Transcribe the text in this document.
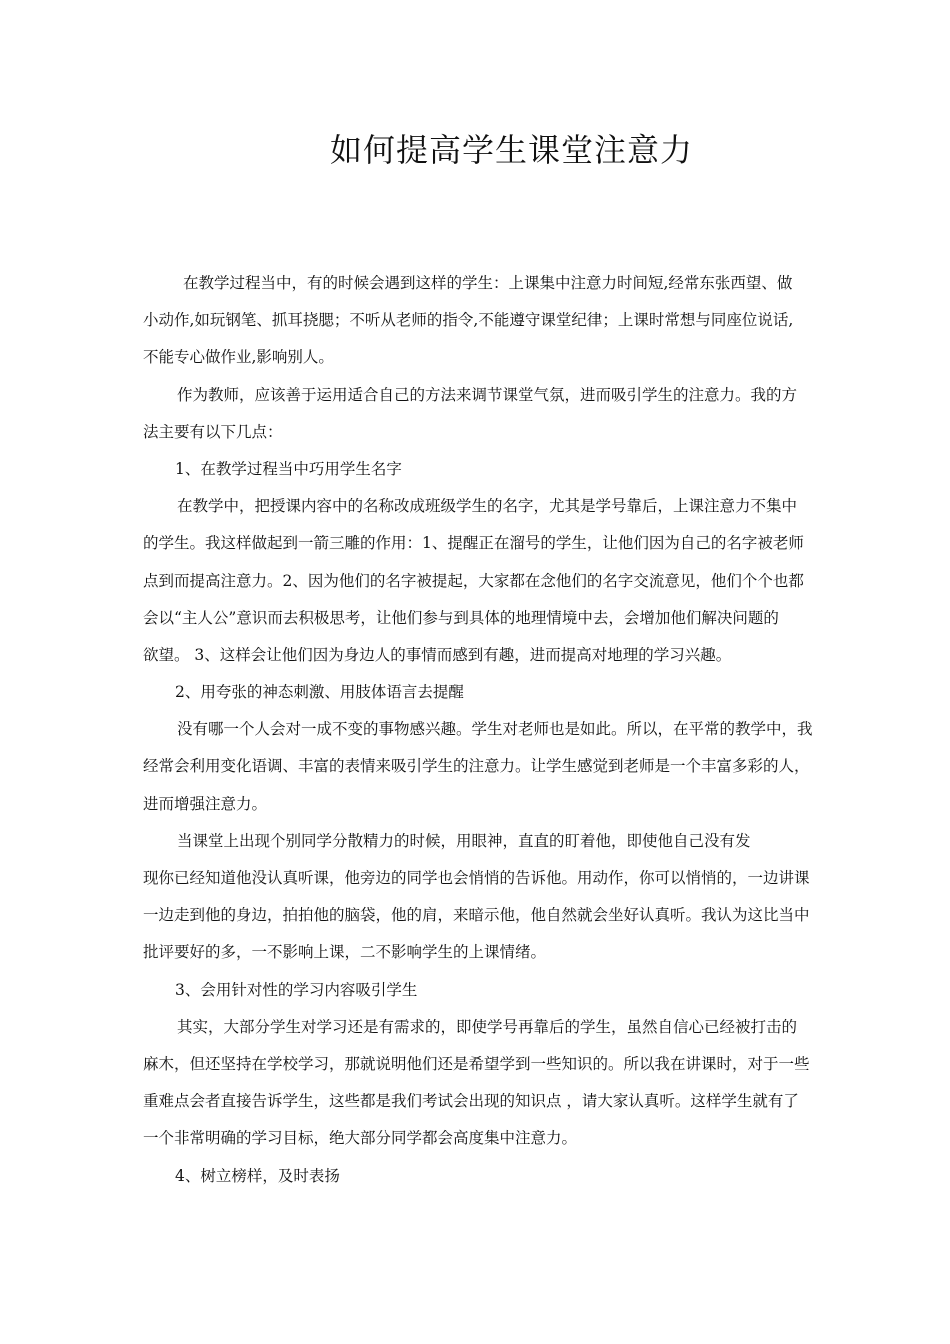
如何提高学生课堂注意力
在教学过程当中，有的时候会遇到这样的学生：上课集中注意力时间短,经常东张西望、做
小动作,如玩钢笔、抓耳挠腮；不听从老师的指令,不能遵守课堂纪律；上课时常想与同座位说话,
不能专心做作业,影响别人。
作为教师，应该善于运用适合自己的方法来调节课堂气氛，进而吸引学生的注意力。我的方
法主要有以下几点：
1、在教学过程当中巧用学生名字
在教学中，把授课内容中的名称改成班级学生的名字，尤其是学号靠后，上课注意力不集中
的学生。我这样做起到一箭三雕的作用：1、提醒正在溜号的学生，让他们因为自己的名字被老师
点到而提高注意力。2、因为他们的名字被提起，大家都在念他们的名字交流意见，他们个个也都
会以“主人公”意识而去积极思考，让他们参与到具体的地理情境中去，会增加他们解决问题的
欲望。 3、这样会让他们因为身边人的事情而感到有趣，进而提高对地理的学习兴趣。
2、用夸张的神态刺激、用肢体语言去提醒
没有哪一个人会对一成不变的事物感兴趣。学生对老师也是如此。所以，在平常的教学中，我
经常会利用变化语调、丰富的表情来吸引学生的注意力。让学生感觉到老师是一个丰富多彩的人，
进而增强注意力。
当课堂上出现个别同学分散精力的时候，用眼神，直直的盯着他，即使他自己没有发
现你已经知道他没认真听课，他旁边的同学也会悄悄的告诉他。用动作，你可以悄悄的，一边讲课
一边走到他的身边，拍拍他的脑袋，他的肩，来暗示他，他自然就会坐好认真听。我认为这比当中
批评要好的多，一不影响上课，二不影响学生的上课情绪。
3、会用针对性的学习内容吸引学生
其实，大部分学生对学习还是有需求的，即使学号再靠后的学生，虽然自信心已经被打击的
麻木，但还坚持在学校学习，那就说明他们还是希望学到一些知识的。所以我在讲课时，对于一些
重难点会者直接告诉学生，这些都是我们考试会出现的知识点 ，请大家认真听。这样学生就有了
一个非常明确的学习目标，绝大部分同学都会高度集中注意力。
4、树立榜样，及时表扬
